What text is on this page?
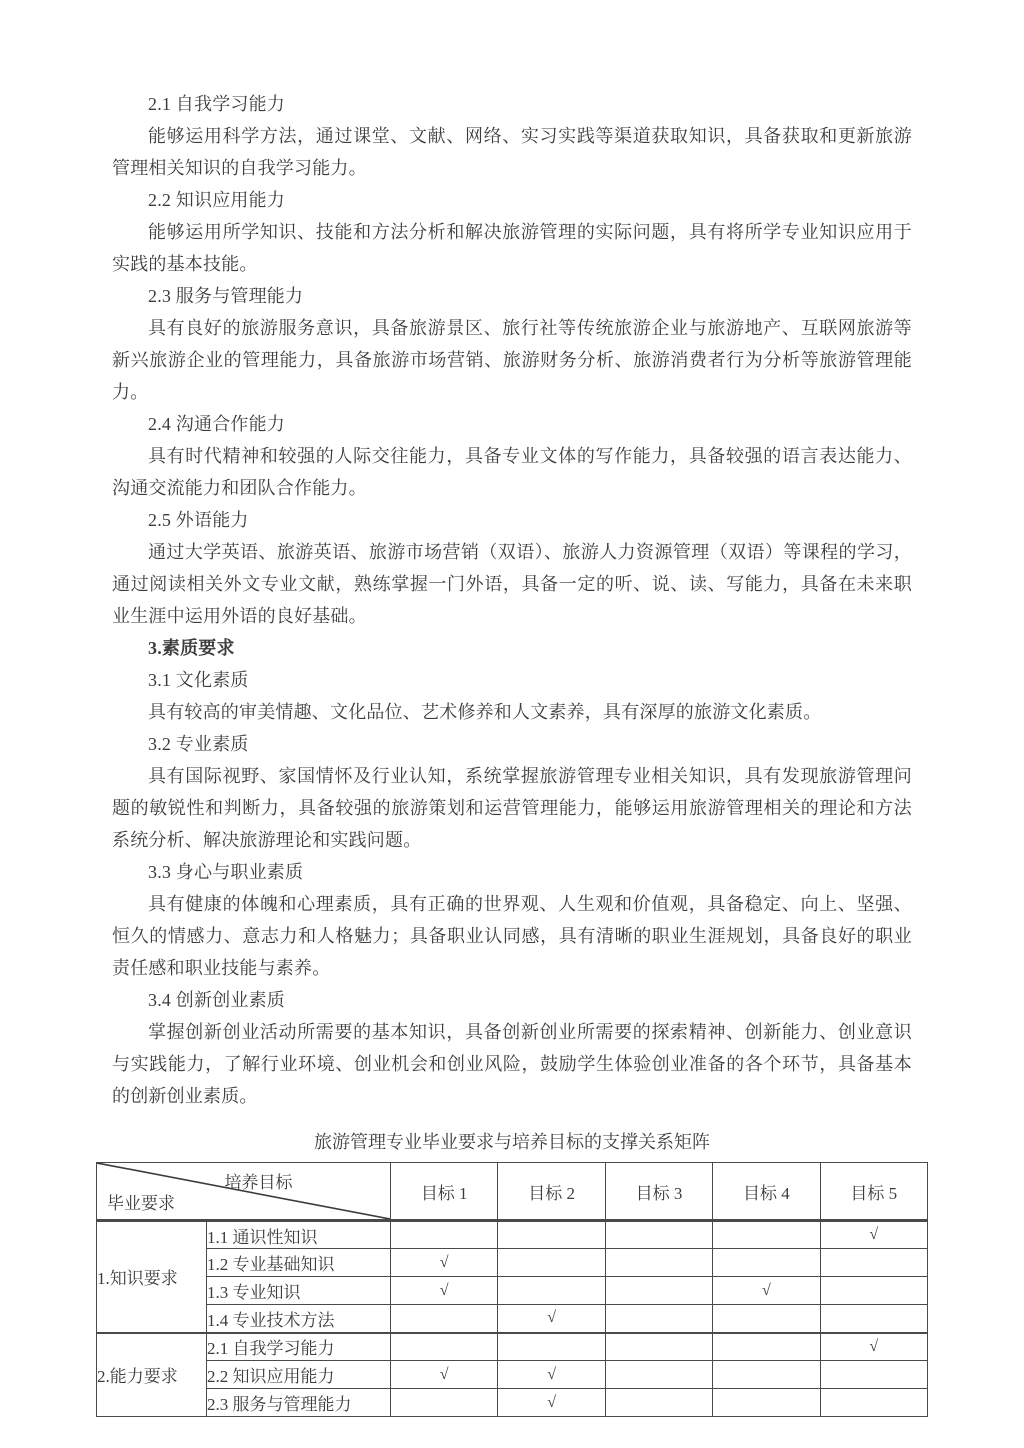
2.1 自我学习能力

能够运用科学方法，通过课堂、文献、网络、实习实践等渠道获取知识，具备获取和更新旅游管理相关知识的自我学习能力。

2.2 知识应用能力

能够运用所学知识、技能和方法分析和解决旅游管理的实际问题，具有将所学专业知识应用于实践的基本技能。

2.3 服务与管理能力

具有良好的旅游服务意识，具备旅游景区、旅行社等传统旅游企业与旅游地产、互联网旅游等新兴旅游企业的管理能力，具备旅游市场营销、旅游财务分析、旅游消费者行为分析等旅游管理能力。

2.4 沟通合作能力

具有时代精神和较强的人际交往能力，具备专业文体的写作能力，具备较强的语言表达能力、沟通交流能力和团队合作能力。

2.5 外语能力

通过大学英语、旅游英语、旅游市场营销（双语）、旅游人力资源管理（双语）等课程的学习，通过阅读相关外文专业文献，熟练掌握一门外语，具备一定的听、说、读、写能力，具备在未来职业生涯中运用外语的良好基础。

3.素质要求

3.1 文化素质

具有较高的审美情趣、文化品位、艺术修养和人文素养，具有深厚的旅游文化素质。

3.2 专业素质

具有国际视野、家国情怀及行业认知，系统掌握旅游管理专业相关知识，具有发现旅游管理问题的敏锐性和判断力，具备较强的旅游策划和运营管理能力，能够运用旅游管理相关的理论和方法系统分析、解决旅游理论和实践问题。

3.3 身心与职业素质

具有健康的体魄和心理素质，具有正确的世界观、人生观和价值观，具备稳定、向上、坚强、恒久的情感力、意志力和人格魅力；具备职业认同感，具有清晰的职业生涯规划，具备良好的职业责任感和职业技能与素养。

3.4 创新创业素质

掌握创新创业活动所需要的基本知识，具备创新创业所需要的探索精神、创新能力、创业意识与实践能力，了解行业环境、创业机会和创业风险，鼓励学生体验创业准备的各个环节，具备基本的创新创业素质。

旅游管理专业毕业要求与培养目标的支撑关系矩阵
培养目标
毕业要求		目标 1	目标 2	目标 3	目标 4	目标 5
1.知识要求	1.1 通识性知识					√
	1.2 专业基础知识	√				
	1.3 专业知识	√			√	
	1.4 专业技术方法		√			
2.能力要求	2.1 自我学习能力					√
	2.2 知识应用能力	√	√			
	2.3 服务与管理能力		√			
